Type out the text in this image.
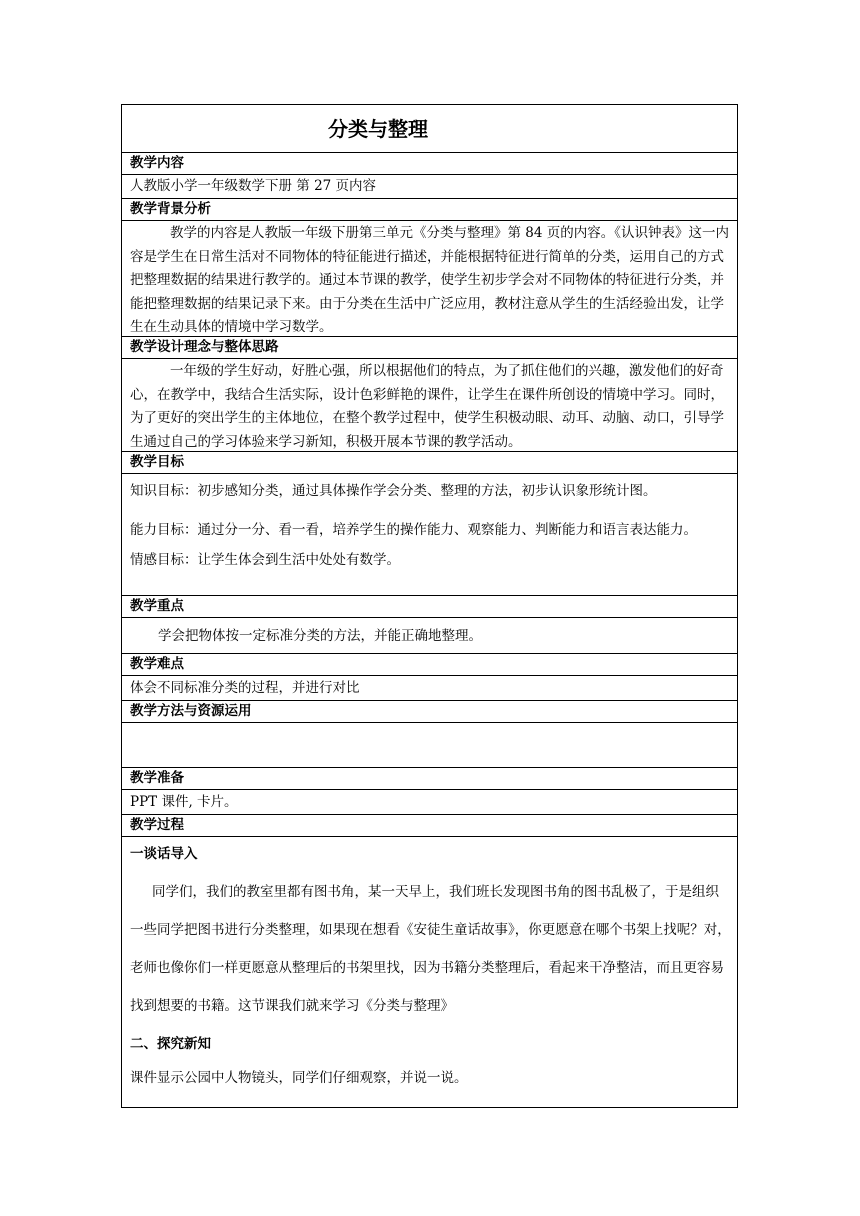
分类与整理
教学内容
人教版小学一年级数学下册 第 27 页内容
教学背景分析

教学的内容是人教版一年级下册第三单元《分类与整理》第 84 页的内容。《认识钟表》这一内容是学生在日常生活对不同物体的特征能进行描述，并能根据特征进行简单的分类，运用自己的方式把整理数据的结果进行教学的。通过本节课的教学，使学生初步学会对不同物体的特征进行分类，并能把整理数据的结果记录下来。由于分类在生活中广泛应用，教材注意从学生的生活经验出发，让学生在生动具体的情境中学习数学。

教学设计理念与整体思路

一年级的学生好动，好胜心强，所以根据他们的特点，为了抓住他们的兴趣，激发他们的好奇心，在教学中，我结合生活实际，设计色彩鲜艳的课件，让学生在课件所创设的情境中学习。同时，为了更好的突出学生的主体地位，在整个教学过程中，使学生积极动眼、动耳、动脑、动口，引导学生通过自己的学习体验来学习新知，积极开展本节课的教学活动。

教学目标

知识目标：初步感知分类，通过具体操作学会分类、整理的方法，初步认识象形统计图。

能力目标：通过分一分、看一看，培养学生的操作能力、观察能力、判断能力和语言表达能力。

情感目标：让学生体会到生活中处处有数学。

教学重点
学会把物体按一定标准分类的方法，并能正确地整理。
教学难点
体会不同标准分类的过程，并进行对比
教学方法与资源运用

教学准备
PPT 课件, 卡片。
教学过程

一谈话导入

同学们，我们的教室里都有图书角，某一天早上，我们班长发现图书角的图书乱极了，于是组织一些同学把图书进行分类整理，如果现在想看《安徒生童话故事》，你更愿意在哪个书架上找呢？对，老师也像你们一样更愿意从整理后的书架里找，因为书籍分类整理后，看起来干净整洁，而且更容易找到想要的书籍。这节课我们就来学习《分类与整理》

二、探究新知

课件显示公园中人物镜头，同学们仔细观察，并说一说。
